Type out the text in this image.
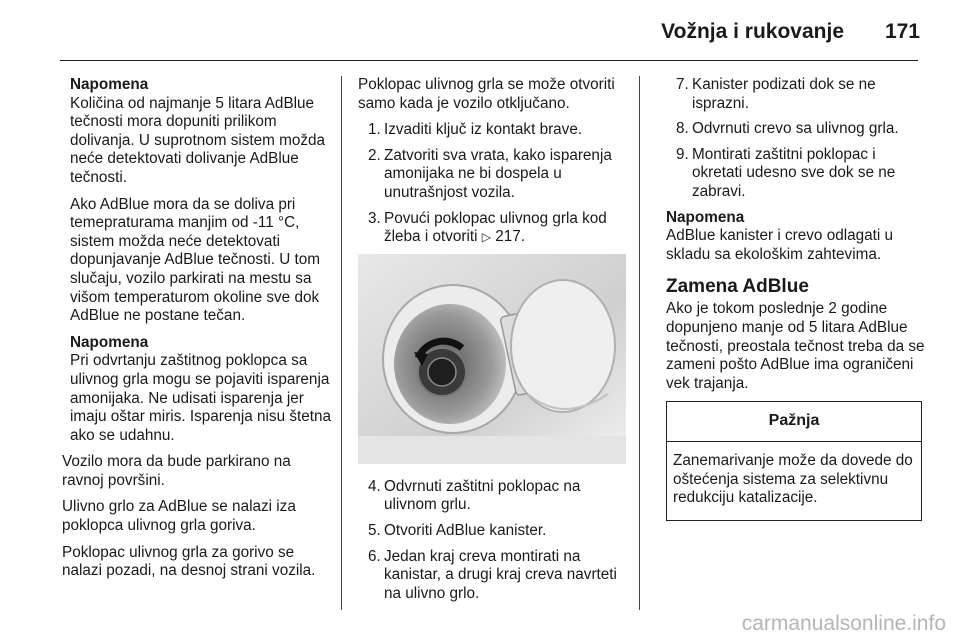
Vožnja i rukovanje 171
Napomena

Količina od najmanje 5 litara AdBlue tečnosti mora dopuniti prilikom dolivanja. U suprotnom sistem možda neće detektovati dolivanje AdBlue tečnosti.

Ako AdBlue mora da se doliva pri temepraturama manjim od -11 °C, sistem možda neće detektovati dopunjavanje AdBlue tečnosti. U tom slučaju, vozilo parkirati na mestu sa višom temperaturom okoline sve dok AdBlue ne postane tečan.

Napomena

Pri odvrtanju zaštitnog poklopca sa ulivnog grla mogu se pojaviti isparenja amonijaka. Ne udisati isparenja jer imaju oštar miris. Isparenja nisu štetna ako se udahnu.

Vozilo mora da bude parkirano na ravnoj površini.

Ulivno grlo za AdBlue se nalazi iza poklopca ulivnog grla goriva.

Poklopac ulivnog grla za gorivo se nalazi pozadi, na desnoj strani vozila.

Poklopac ulivnog grla se može otvoriti samo kada je vozilo otključano.

1. Izvaditi ključ iz kontakt brave.
2. Zatvoriti sva vrata, kako isparenja amonijaka ne bi dospela u unutrašnjost vozila.
3. Povući poklopac ulivnog grla kod žleba i otvoriti ▷ 217.
4. Odvrnuti zaštitni poklopac na ulivnom grlu.
5. Otvoriti AdBlue kanister.
6. Jedan kraj creva montirati na kanistar, a drugi kraj creva navrteti na ulivno grlo.
7. Kanister podizati dok se ne isprazni.
8. Odvrnuti crevo sa ulivnog grla.
9. Montirati zaštitni poklopac i okretati udesno sve dok se ne zabravi.
Napomena
AdBlue kanister i crevo odlagati u skladu sa ekološkim zahtevima.
Zamena AdBlue
Ako je tokom poslednje 2 godine dopunjeno manje od 5 litara AdBlue tečnosti, preostala tečnost treba da se zameni pošto AdBlue ima ograničeni vek trajanja.
Pažnja
Zanemarivanje može da dovede do oštećenja sistema za selektivnu redukciju katalizacije.
carmanualsonline.info
